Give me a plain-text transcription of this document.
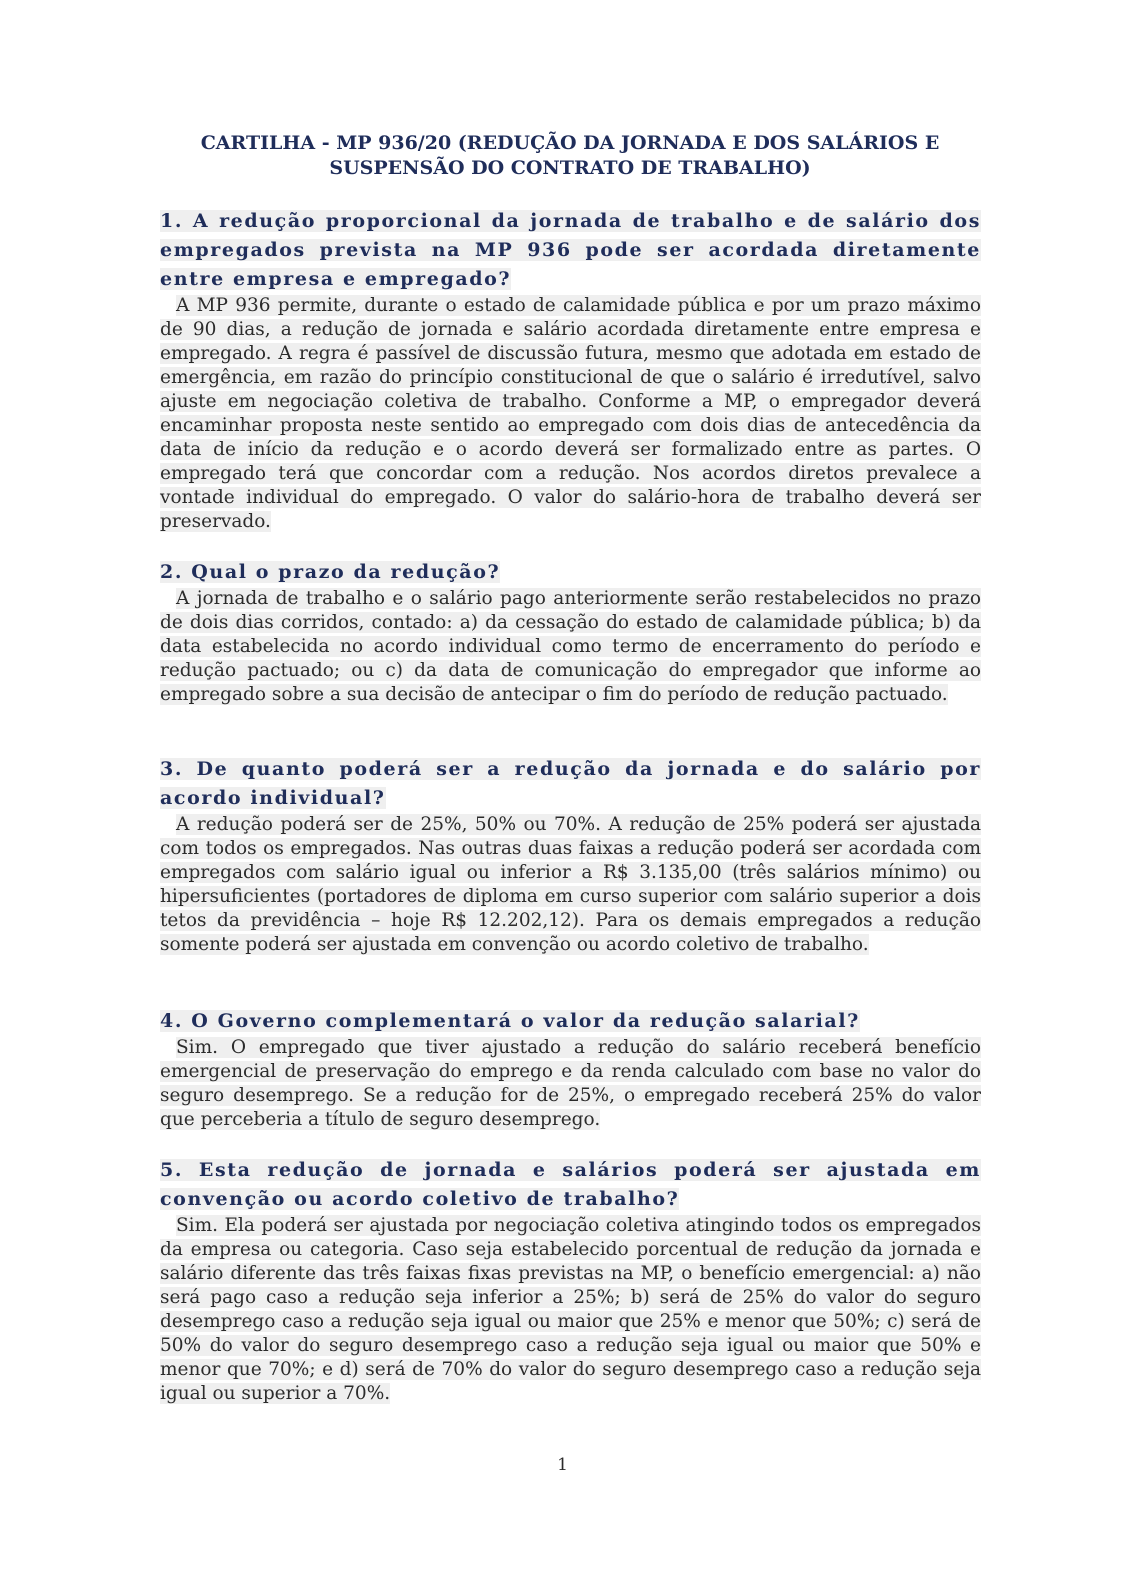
CARTILHA - MP 936/20 (REDUÇÃO DA JORNADA E DOS SALÁRIOS E SUSPENSÃO DO CONTRATO DE TRABALHO)
1. A redução proporcional da jornada de trabalho e de salário dos empregados prevista na MP 936 pode ser acordada diretamente entre empresa e empregado?
A MP 936 permite, durante o estado de calamidade pública e por um prazo máximo de 90 dias, a redução de jornada e salário acordada diretamente entre empresa e empregado. A regra é passível de discussão futura, mesmo que adotada em estado de emergência, em razão do princípio constitucional de que o salário é irredutível, salvo ajuste em negociação coletiva de trabalho. Conforme a MP, o empregador deverá encaminhar proposta neste sentido ao empregado com dois dias de antecedência da data de início da redução e o acordo deverá ser formalizado entre as partes. O empregado terá que concordar com a redução. Nos acordos diretos prevalece a vontade individual do empregado. O valor do salário-hora de trabalho deverá ser preservado.
2. Qual o prazo da redução?
A jornada de trabalho e o salário pago anteriormente serão restabelecidos no prazo de dois dias corridos, contado: a) da cessação do estado de calamidade pública; b) da data estabelecida no acordo individual como termo de encerramento do período e redução pactuado; ou c) da data de comunicação do empregador que informe ao empregado sobre a sua decisão de antecipar o fim do período de redução pactuado.
3. De quanto poderá ser a redução da jornada e do salário por acordo individual?
A redução poderá ser de 25%, 50% ou 70%. A redução de 25% poderá ser ajustada com todos os empregados. Nas outras duas faixas a redução poderá ser acordada com empregados com salário igual ou inferior a R$ 3.135,00 (três salários mínimo) ou hipersuficientes (portadores de diploma em curso superior com salário superior a dois tetos da previdência – hoje R$ 12.202,12). Para os demais empregados a redução somente poderá ser ajustada em convenção ou acordo coletivo de trabalho.
4. O Governo complementará o valor da redução salarial?
Sim. O empregado que tiver ajustado a redução do salário receberá benefício emergencial de preservação do emprego e da renda calculado com base no valor do seguro desemprego. Se a redução for de 25%, o empregado receberá 25% do valor que perceberia a título de seguro desemprego.
5. Esta redução de jornada e salários poderá ser ajustada em convenção ou acordo coletivo de trabalho?
Sim. Ela poderá ser ajustada por negociação coletiva atingindo todos os empregados da empresa ou categoria. Caso seja estabelecido porcentual de redução da jornada e salário diferente das três faixas fixas previstas na MP, o benefício emergencial: a) não será pago caso a redução seja inferior a 25%; b) será de 25% do valor do seguro desemprego caso a redução seja igual ou maior que 25% e menor que 50%; c) será de 50% do valor do seguro desemprego caso a redução seja igual ou maior que 50% e menor que 70%; e d) será de 70% do valor do seguro desemprego caso a redução seja igual ou superior a 70%.
1
